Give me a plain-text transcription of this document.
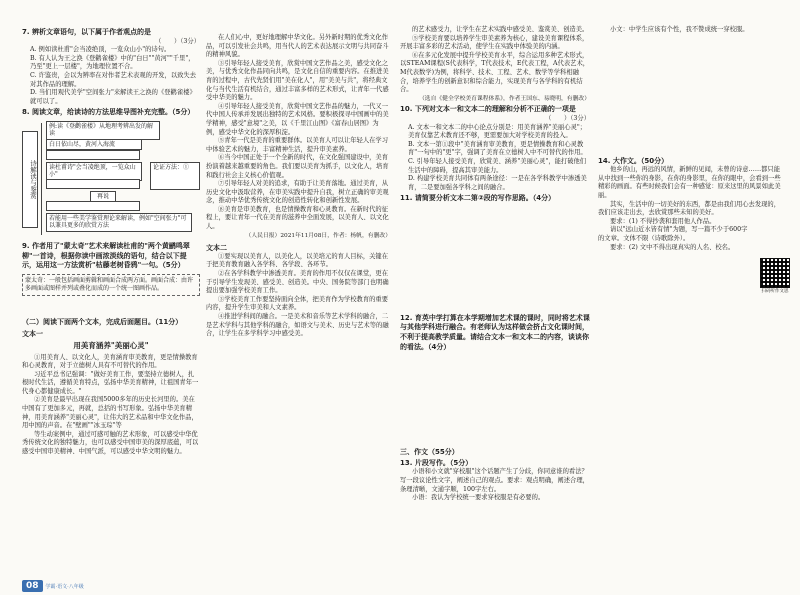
7. 辨析文章语句，以下属于作者观点的是

（　　）（3分）

A. 例如读杜甫"会当凌绝顶，一览众山小"的诗句。

B. 有人认为王之涣《登鹳雀楼》中的"白日""黄河""千里"，乃至"更上一层楼"，为地理位置不合。

C. 许鉴贵，会以为辨率在对作者艺术表观的开发，以致失去对其作品的理解。

D. 当们用观代美学"空间张力"来解读王之涣的《登鹳雀楼》就可以了。

8. 阅读文章，给读诗的方法思维导图补充完整。（5分）

诗解读与鉴赏
例:读《登鹳雀楼》从地理考辨出发的解读
白日依山尽，黄河入海流
读杜甫诗"会当凌绝顶，一览众山小"
论证方法：①
再说
若能用一些美学鉴赏理论来解读，例如"空间张力"可以兼具更多的欣赏方法

9. 作者用了"蒙太奇"艺术来解读杜甫的"两个黄鹂鸣翠柳"一首诗，根据你读中画浓淡线的语句，结合以下提示，运用这一方法赏析"枯藤老树昏鸦"一句。（5分）

蒙太奇：一般包括画面剪辑和画面合成两方面。画面合成：由许多画面或图样并列或叠化而成的一个统一图画作品。

（二）阅读下面两个文本，完成后面题目。（11分）

文本一

用美育涵养"美丽心灵"

①用美育人、以文化人，美育涵育审美教育，更是情操教育和心灵教育，对于立德树人具有不可替代的作用。

习近平总书记强调："做好美育工作，要坚持立德树人，扎根时代生活，遵循美育特点，弘扬中华美育精神，让祖国青年一代身心都健康成长。"

②美育是最早出现在我国5000多年的历史长河里的。美在中国有了更加多元，再就，总括的书写形象。弘扬中华美育精神，用美育涵养"美丽心灵"，让伟大的艺术品和中华文化作品，用中国的声音。在"壁画""冰玉琮"等

等生动案例中，通过可感可触的艺术形象，可以感受中华优秀传统文化的独特魅力，也可以感受中国审美的深厚底蕴，可以感受中国审美精神、中国气派，可以感受中华文明的魅力。

在人们心中，更好地理解中华文化。另外新时期的优秀文化作品，可以引发社会共鸣，用当代人的艺术表达展示文明与共同奋斗的精神风貌。

③引导年轻人接受美育，欣赏中国文艺作品之美，感受文化之美，与优秀文化作品同向共鸣，是文化自信的重要内容。在推进美育的过程中，古代先贤们用"美在化人"，用"美美与共"，将经典文化与当代生活有机结合，通过丰富多样的艺术形式，让青年一代感受中华美的魅力。

④引导年轻人接受美育，欣赏中国文艺作品的魅力，一代又一代中国人传承并发展出独特的艺术风格。要积极探寻中国画中的美学精神，感受"意境"之美，以《千里江山图》《富春山居图》为例，感受中华文化的深厚积淀。

⑤青年一代是美育的重要群体。以美育人可以让年轻人在学习中体验艺术的魅力，丰富精神生活，提升审美素养。

⑥当今中国正处于一个全新的时代，在文化强国建设中，美育扮演着越来越重要的角色。我们要以美育为抓手，以文化人，培育和践行社会主义核心价值观。

⑦引导年轻人对美的追求，有助于让美育落地。通过美育，从历史文化中汲取营养，在审美实践中提升自我，树立正确的审美观念，推动中华优秀传统文化的创造性转化和创新性发展。

⑧美育是审美教育，也是情操教育和心灵教育。在新时代的征程上，要让青年一代在美育的滋养中全面发展，以美育人、以文化人。

（人民日报）2021年11月08日，作者：杨帆，有删改）

文本二

①要实现以美育人，以美化人，以美培元的育人目标，关键在于把美育教育融入各学科、各学段、各环节。

②在各学科教学中渗透美育。美育的作用不仅仅在课堂，更在于引导学生发现美、感受美、创造美。中央、国务院等部门也明确提出要加强学校美育工作。

③学校美育工作要坚持面向全体，把美育作为学校教育的重要内容，提升学生审美和人文素养。

④推进学科间的融合。一是美术和音乐等艺术学科的融合，二是艺术学科与其他学科的融合，如语文与美术、历史与艺术等的融合，让学生在多学科学习中感受美。

的艺术感受力，让学生在艺术实践中感受美、鉴赏美、创造美。

⑤学校美育要以培养学生审美素养为核心，建设美育课程体系，开展丰富多彩的艺术活动，使学生在实践中体验美的内涵。

⑥在多元化发展中提升学校美育水平，综合运用多种艺术形式，以STEAM课程(S代表科学，T代表技术，E代表工程，A代表艺术，M代表数学)为例，将科学、技术、工程、艺术、数学等学科相融合，培养学生的创新意识和综合能力，实现美育与各学科的有机结合。

（选自《健全学校美育课程体系》，作者王国东、易晓明，有删改）

10. 下列对文本一和文本二的理解和分析不正确的一项是

（　　）（3分）

A. 文本一和文本二的中心论点分别是：用美育涵养"美丽心灵"；美育仅靠艺术教育还不够，更需要加大对学校美育的投入。

B. 文本一第①段中"美育涵育审美教育，更是情操教育和心灵教育"一句中的"更"字，强调了美育在立德树人中不可替代的作用。

C. 引导年轻人接受美育，欣赏美、涵养"美丽心灵"，能打破他们生活中的障碍，提高其审美能力。

D. 构建学校美育共同体有两条途径：一是在各学科教学中渗透美育，二是要加强各学科之间的融合。

11. 请简要分析文本二第②段的写作思路。（4分）

12. 育英中学打算在本学期增加艺术课的课时，同时将艺术课与其他学科进行融合。有老师认为这样做会挤占文化课时间，不利于提高教学质量。请结合文本一和文本二的内容，谈谈你的看法。（4分）

三、作文（55分）

13. 片段写作。（5分）

小语和小文就"穿校服"这个话题产生了分歧，你同意谁的看法？写一段议论性文字，阐述自己的观点。要求：观点明确，阐述合理，条理清晰，文通字顺，100字左右。

小语：我认为学校统一要求穿校服是有必要的。

小文：中学生应该有个性，我不赞成统一穿校服。

14. 大作文。（50分）

他乡的山，再远的风情，新鲜的见闻，未曾的诗意……都只能从中找到一些你的身影，在你的身影里，在你的眼中，会看到一些精彩的画面。有些时候我们会有一种感觉：原来这里的风景如此美丽。

其实，生活中的一切美好的东西，都是由我们用心去发现的，我们应该走出去，去欣赏那些未知的美好。

要求：(1) 不得抄袭和套用他人作品。

请以"远山近水皆有情"为题，写一篇不少于600字的文章。文体不限（诗歌除外）。

要求：(2) 文中不得出现真实的人名、校名。

扫码听作文思
08	学霸·语文·八年级
